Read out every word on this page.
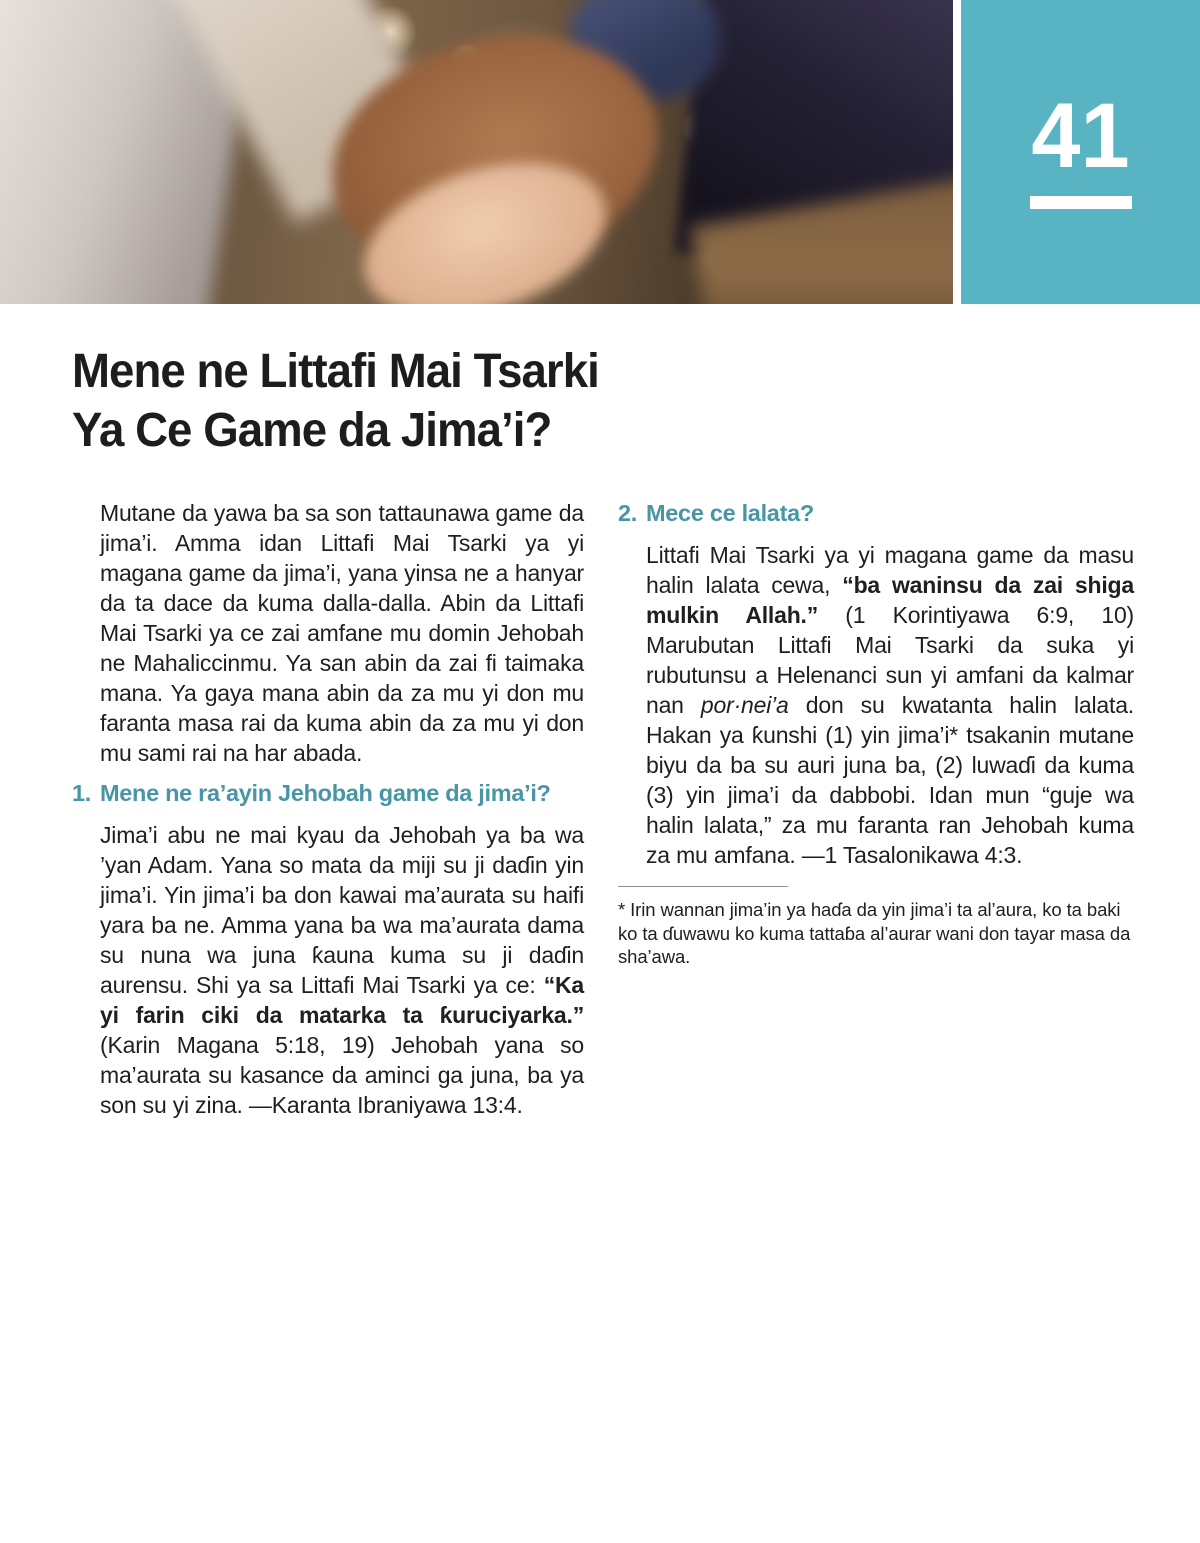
41
Mene ne Littafi Mai Tsarki
Ya Ce Game da Jima’i?

Mutane da yawa ba sa son tattaunawa game da jima’i. Amma idan Littafi Mai Tsarki ya yi magana game da jima’i, yana yinsa ne a hanyar da ta dace da kuma dalla-dalla. Abin da Littafi Mai Tsarki ya ce zai amfane mu domin Jehobah ne Mahaliccinmu. Ya san abin da zai fi taimaka mana. Ya gaya mana abin da za mu yi don mu faranta masa rai da kuma abin da za mu yi don mu sami rai na har abada.

1. Mene ne ra’ayin Jehobah game da jima’i?

Jima’i abu ne mai kyau da Jehobah ya ba wa ’yan Adam. Yana so mata da miji su ji daɗin yin jima’i. Yin jima’i ba don kawai ma’aurata su haifi yara ba ne. Amma yana ba wa ma’aurata dama su nuna wa juna ƙauna kuma su ji daɗin aurensu. Shi ya sa Littafi Mai Tsarki ya ce: “Ka yi farin ciki da matarka ta ƙuruciyarka.” (Karin Magana 5:18, 19) Jehobah yana so ma’aurata su kasance da aminci ga juna, ba ya son su yi zina. —Karanta Ibraniyawa 13:4.

2. Mece ce lalata?

Littafi Mai Tsarki ya yi magana game da masu halin lalata cewa, “ba waninsu da zai shiga mulkin Allah.” (1 Korintiyawa 6:9, 10) Marubutan Littafi Mai Tsarki da suka yi rubutunsu a Helenanci sun yi amfani da kalmar nan por·nei’a don su kwatanta halin lalata. Hakan ya ƙunshi (1) yin jima’i* tsakanin mutane biyu da ba su auri juna ba, (2) luwaɗi da kuma (3) yin jima’i da dabbobi. Idan mun “guje wa halin lalata,” za mu faranta ran Jehobah kuma za mu amfana. —1 Tasalonikawa 4:3.

* Irin wannan jima’in ya haɗa da yin jima’i ta al’aura, ko ta baki ko ta ɗuwawu ko kuma tattaɓa al’aurar wani don tayar masa da sha’awa.
